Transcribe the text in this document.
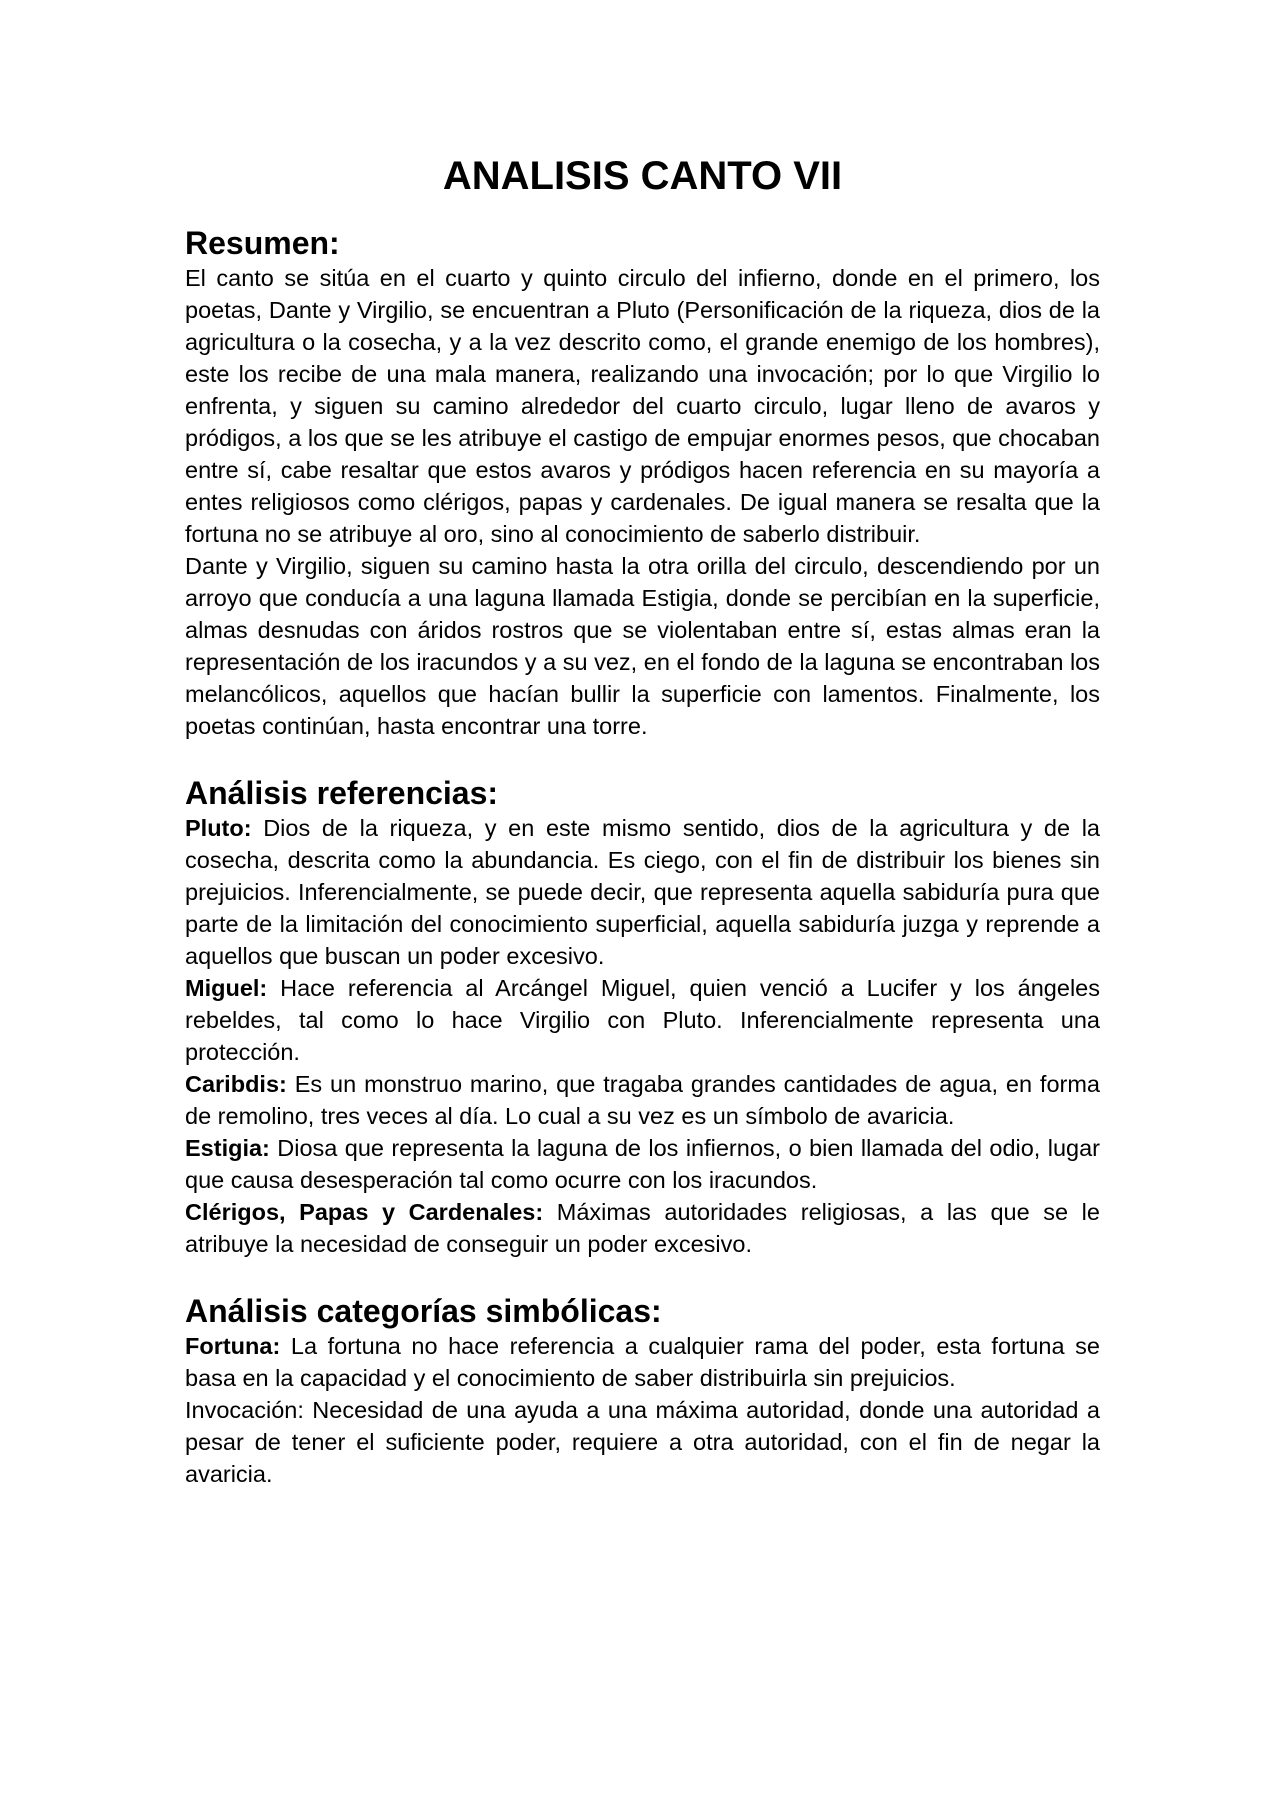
ANALISIS CANTO VII
Resumen:

El canto se sitúa en el cuarto y quinto circulo del infierno, donde en el primero, los poetas, Dante y Virgilio, se encuentran a Pluto (Personificación de la riqueza, dios de la agricultura o la cosecha, y a la vez descrito como, el grande enemigo de los hombres), este los recibe de una mala manera, realizando una invocación; por lo que Virgilio lo enfrenta, y siguen su camino alrededor del cuarto circulo, lugar lleno de avaros y pródigos, a los que se les atribuye el castigo de empujar enormes pesos, que chocaban entre sí, cabe resaltar que estos avaros y pródigos hacen referencia en su mayoría a entes religiosos como clérigos, papas y cardenales. De igual manera se resalta que la fortuna no se atribuye al oro, sino al conocimiento de saberlo distribuir.

Dante y Virgilio, siguen su camino hasta la otra orilla del circulo, descendiendo por un arroyo que conducía a una laguna llamada Estigia, donde se percibían en la superficie, almas desnudas con áridos rostros que se violentaban entre sí, estas almas eran la representación de los iracundos y a su vez, en el fondo de la laguna se encontraban los melancólicos, aquellos que hacían bullir la superficie con lamentos. Finalmente, los poetas continúan, hasta encontrar una torre.

Análisis referencias:

Pluto: Dios de la riqueza, y en este mismo sentido, dios de la agricultura y de la cosecha, descrita como la abundancia. Es ciego, con el fin de distribuir los bienes sin prejuicios. Inferencialmente, se puede decir, que representa aquella sabiduría pura que parte de la limitación del conocimiento superficial, aquella sabiduría juzga y reprende a aquellos que buscan un poder excesivo.

Miguel: Hace referencia al Arcángel Miguel, quien venció a Lucifer y los ángeles rebeldes, tal como lo hace Virgilio con Pluto. Inferencialmente representa una protección.

Caribdis: Es un monstruo marino, que tragaba grandes cantidades de agua, en forma de remolino, tres veces al día. Lo cual a su vez es un símbolo de avaricia.

Estigia: Diosa que representa la laguna de los infiernos, o bien llamada del odio, lugar que causa desesperación tal como ocurre con los iracundos.

Clérigos, Papas y Cardenales: Máximas autoridades religiosas, a las que se le atribuye la necesidad de conseguir un poder excesivo.

Análisis categorías simbólicas:

Fortuna: La fortuna no hace referencia a cualquier rama del poder, esta fortuna se basa en la capacidad y el conocimiento de saber distribuirla sin prejuicios.

Invocación: Necesidad de una ayuda a una máxima autoridad, donde una autoridad a pesar de tener el suficiente poder, requiere a otra autoridad, con el fin de negar la avaricia.
